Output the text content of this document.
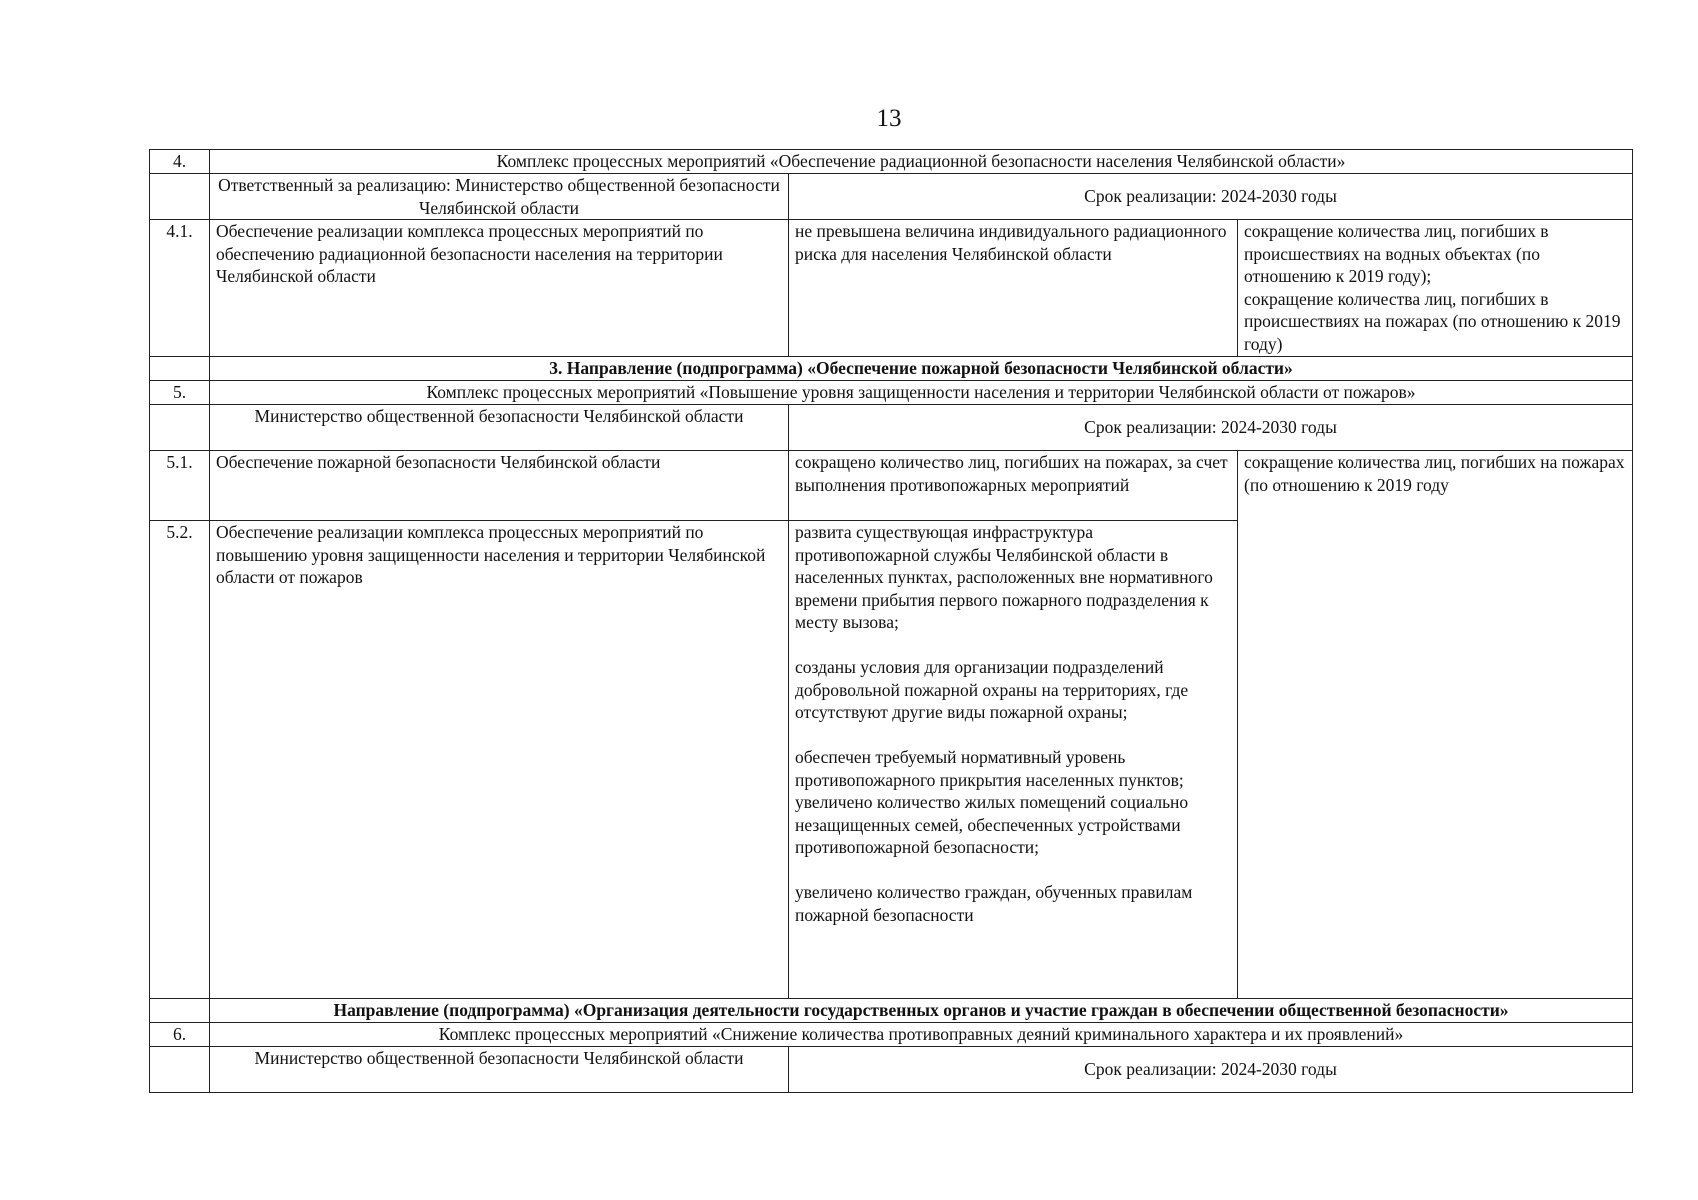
13
4.	Комплекс процессных мероприятий «Обеспечение радиационной безопасности населения Челябинской области»		
	Ответственный за реализацию: Министерство общественной безопасности Челябинской области	Срок реализации: 2024-2030 годы	
4.1.	Обеспечение реализации комплекса процессных мероприятий по обеспечению радиационной безопасности населения на территории Челябинской области	не превышена величина индивидуального радиационного риска для населения Челябинской области	сокращение количества лиц, погибших в происшествиях на водных объектах (по отношению к 2019 году);
сокращение количества лиц, погибших в происшествиях на пожарах (по отношению к 2019 году)

	3. Направление (подпрограмма) «Обеспечение пожарной безопасности Челябинской области»		
5.	Комплекс процессных мероприятий «Повышение уровня защищенности населения и территории Челябинской области от пожаров»		
	Министерство общественной безопасности Челябинской области	Срок реализации: 2024-2030 годы	
5.1.	Обеспечение пожарной безопасности Челябинской области	сокращено количество лиц, погибших на пожарах, за счет выполнения противопожарных мероприятий	сокращение количества лиц, погибших на пожарах (по отношению к 2019 году
5.2.	Обеспечение реализации комплекса процессных мероприятий по повышению уровня защищенности населения и территории Челябинской области от пожаров	развита существующая инфраструктура противопожарной службы Челябинской области в населенных пунктах, расположенных вне нормативного времени прибытия первого пожарного подразделения к месту вызова;
созданы условия для организации подразделений добровольной пожарной охраны на территориях, где отсутствуют другие виды пожарной охраны;
обеспечен требуемый нормативный уровень противопожарного прикрытия населенных пунктов;
увеличено количество жилых помещений социально незащищенных семей, обеспеченных устройствами противопожарной безопасности;
увеличено количество граждан, обученных правилам пожарной безопасности	

	Направление (подпрограмма) «Организация деятельности государственных органов и участие граждан в обеспечении общественной безопасности»		
6.	Комплекс процессных мероприятий «Снижение количества противоправных деяний криминального характера и их проявлений»		
	Министерство общественной безопасности Челябинской области	Срок реализации: 2024-2030 годы	
